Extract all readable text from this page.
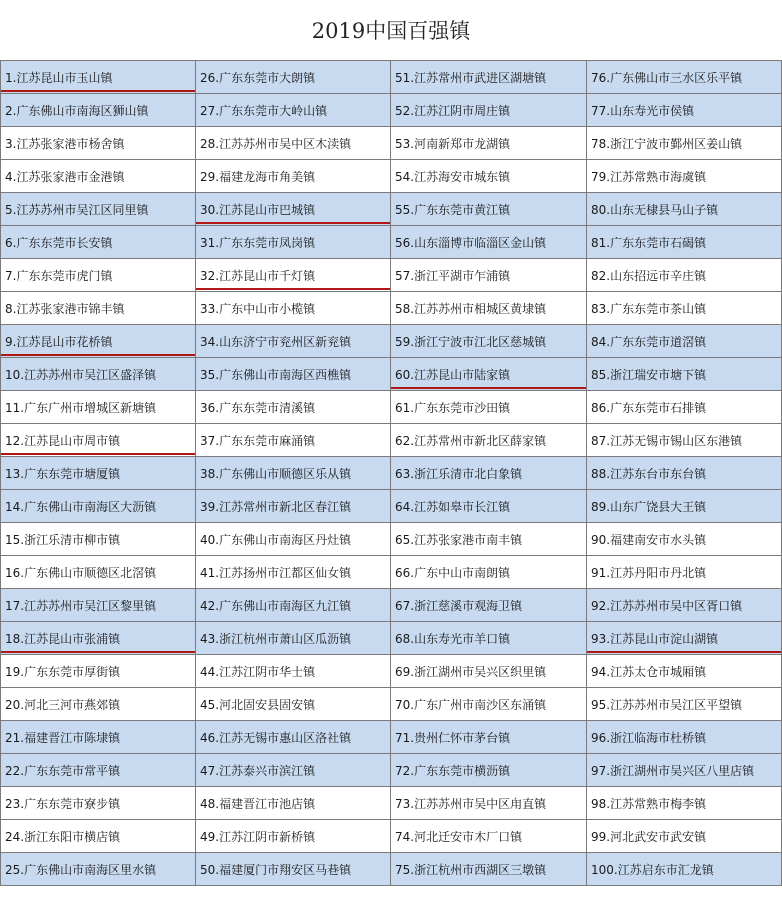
2019中国百强镇
1.江苏昆山市玉山镇	26.广东东莞市大朗镇	51.江苏常州市武进区湖塘镇	76.广东佛山市三水区乐平镇
2.广东佛山市南海区狮山镇	27.广东东莞市大岭山镇	52.江苏江阴市周庄镇	77.山东寿光市侯镇
3.江苏张家港市杨舍镇	28.江苏苏州市吴中区木渎镇	53.河南新郑市龙湖镇	78.浙江宁波市鄞州区姜山镇
4.江苏张家港市金港镇	29.福建龙海市角美镇	54.江苏海安市城东镇	79.江苏常熟市海虞镇
5.江苏苏州市吴江区同里镇	30.江苏昆山市巴城镇	55.广东东莞市黄江镇	80.山东无棣县马山子镇
6.广东东莞市长安镇	31.广东东莞市凤岗镇	56.山东淄博市临淄区金山镇	81.广东东莞市石碣镇
7.广东东莞市虎门镇	32.江苏昆山市千灯镇	57.浙江平湖市乍浦镇	82.山东招远市辛庄镇
8.江苏张家港市锦丰镇	33.广东中山市小榄镇	58.江苏苏州市相城区黄埭镇	83.广东东莞市茶山镇
9.江苏昆山市花桥镇	34.山东济宁市兖州区新兖镇	59.浙江宁波市江北区慈城镇	84.广东东莞市道滘镇
10.江苏苏州市吴江区盛泽镇	35.广东佛山市南海区西樵镇	60.江苏昆山市陆家镇	85.浙江瑞安市塘下镇
11.广东广州市增城区新塘镇	36.广东东莞市清溪镇	61.广东东莞市沙田镇	86.广东东莞市石排镇
12.江苏昆山市周市镇	37.广东东莞市麻涌镇	62.江苏常州市新北区薛家镇	87.江苏无锡市锡山区东港镇
13.广东东莞市塘厦镇	38.广东佛山市顺德区乐从镇	63.浙江乐清市北白象镇	88.江苏东台市东台镇
14.广东佛山市南海区大沥镇	39.江苏常州市新北区春江镇	64.江苏如皋市长江镇	89.山东广饶县大王镇
15.浙江乐清市柳市镇	40.广东佛山市南海区丹灶镇	65.江苏张家港市南丰镇	90.福建南安市水头镇
16.广东佛山市顺德区北滘镇	41.江苏扬州市江都区仙女镇	66.广东中山市南朗镇	91.江苏丹阳市丹北镇
17.江苏苏州市吴江区黎里镇	42.广东佛山市南海区九江镇	67.浙江慈溪市观海卫镇	92.江苏苏州市吴中区胥口镇
18.江苏昆山市张浦镇	43.浙江杭州市萧山区瓜沥镇	68.山东寿光市羊口镇	93.江苏昆山市淀山湖镇
19.广东东莞市厚街镇	44.江苏江阴市华士镇	69.浙江湖州市吴兴区织里镇	94.江苏太仓市城厢镇
20.河北三河市燕郊镇	45.河北固安县固安镇	70.广东广州市南沙区东涌镇	95.江苏苏州市吴江区平望镇
21.福建晋江市陈埭镇	46.江苏无锡市惠山区洛社镇	71.贵州仁怀市茅台镇	96.浙江临海市杜桥镇
22.广东东莞市常平镇	47.江苏泰兴市滨江镇	72.广东东莞市横沥镇	97.浙江湖州市吴兴区八里店镇
23.广东东莞市寮步镇	48.福建晋江市池店镇	73.江苏苏州市吴中区甪直镇	98.江苏常熟市梅李镇
24.浙江东阳市横店镇	49.江苏江阴市新桥镇	74.河北迁安市木厂口镇	99.河北武安市武安镇
25.广东佛山市南海区里水镇	50.福建厦门市翔安区马巷镇	75.浙江杭州市西湖区三墩镇	100.江苏启东市汇龙镇
